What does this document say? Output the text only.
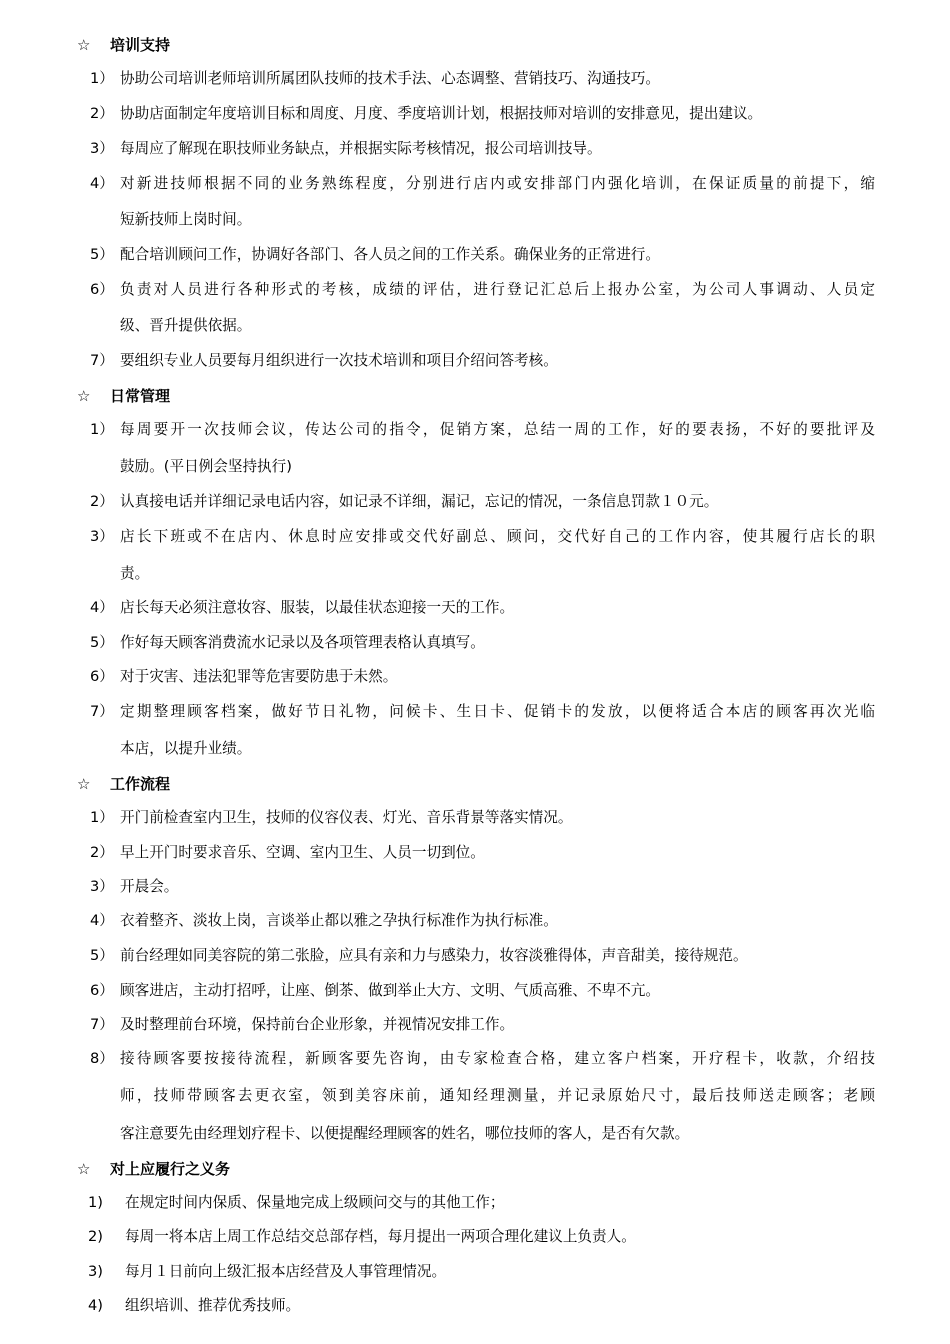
☆ 培训支持
1） 协助公司培训老师培训所属团队技师的技术手法、心态调整、营销技巧、沟通技巧。
2） 协助店面制定年度培训目标和周度、月度、季度培训计划，根据技师对培训的安排意见，提出建议。
3） 每周应了解现在职技师业务缺点，并根据实际考核情况，报公司培训技导。
4） 对新进技师根据不同的业务熟练程度，分别进行店内或安排部门内强化培训，在保证质量的前提下，缩
短新技师上岗时间。
5） 配合培训顾问工作，协调好各部门、各人员之间的工作关系。确保业务的正常进行。
6） 负责对人员进行各种形式的考核，成绩的评估，进行登记汇总后上报办公室，为公司人事调动、人员定
级、晋升提供依据。
7） 要组织专业人员要每月组织进行一次技术培训和项目介绍问答考核。
☆ 日常管理
1） 每周要开一次技师会议，传达公司的指令，促销方案，总结一周的工作，好的要表扬，不好的要批评及
鼓励。(平日例会坚持执行)
2） 认真接电话并详细记录电话内容，如记录不详细，漏记，忘记的情况，一条信息罚款１０元。
3） 店长下班或不在店内、休息时应安排或交代好副总、顾问，交代好自己的工作内容，使其履行店长的职
责。
4） 店长每天必须注意妆容、服装，以最佳状态迎接一天的工作。
5） 作好每天顾客消费流水记录以及各项管理表格认真填写。
6） 对于灾害、违法犯罪等危害要防患于未然。
7） 定期整理顾客档案，做好节日礼物，问候卡、生日卡、促销卡的发放，以便将适合本店的顾客再次光临
本店，以提升业绩。
☆ 工作流程
1） 开门前检查室内卫生，技师的仪容仪表、灯光、音乐背景等落实情况。
2） 早上开门时要求音乐、空调、室内卫生、人员一切到位。
3） 开晨会。
4） 衣着整齐、淡妆上岗，言谈举止都以雅之孕执行标准作为执行标准。
5） 前台经理如同美容院的第二张脸，应具有亲和力与感染力，妆容淡雅得体，声音甜美，接待规范。
6） 顾客进店，主动打招呼，让座、倒茶、做到举止大方、文明、气质高雅、不卑不亢。
7） 及时整理前台环境，保持前台企业形象，并视情况安排工作。
8） 接待顾客要按接待流程，新顾客要先咨询，由专家检查合格，建立客户档案，开疗程卡，收款，介绍技
师，技师带顾客去更衣室，领到美容床前，通知经理测量，并记录原始尺寸，最后技师送走顾客；老顾
客注意要先由经理划疗程卡、以便提醒经理顾客的姓名，哪位技师的客人，是否有欠款。
☆ 对上应履行之义务
1) 在规定时间内保质、保量地完成上级顾问交与的其他工作；
2) 每周一将本店上周工作总结交总部存档，每月提出一两项合理化建议上负责人。
3) 每月１日前向上级汇报本店经营及人事管理情况。
4) 组织培训、推荐优秀技师。
